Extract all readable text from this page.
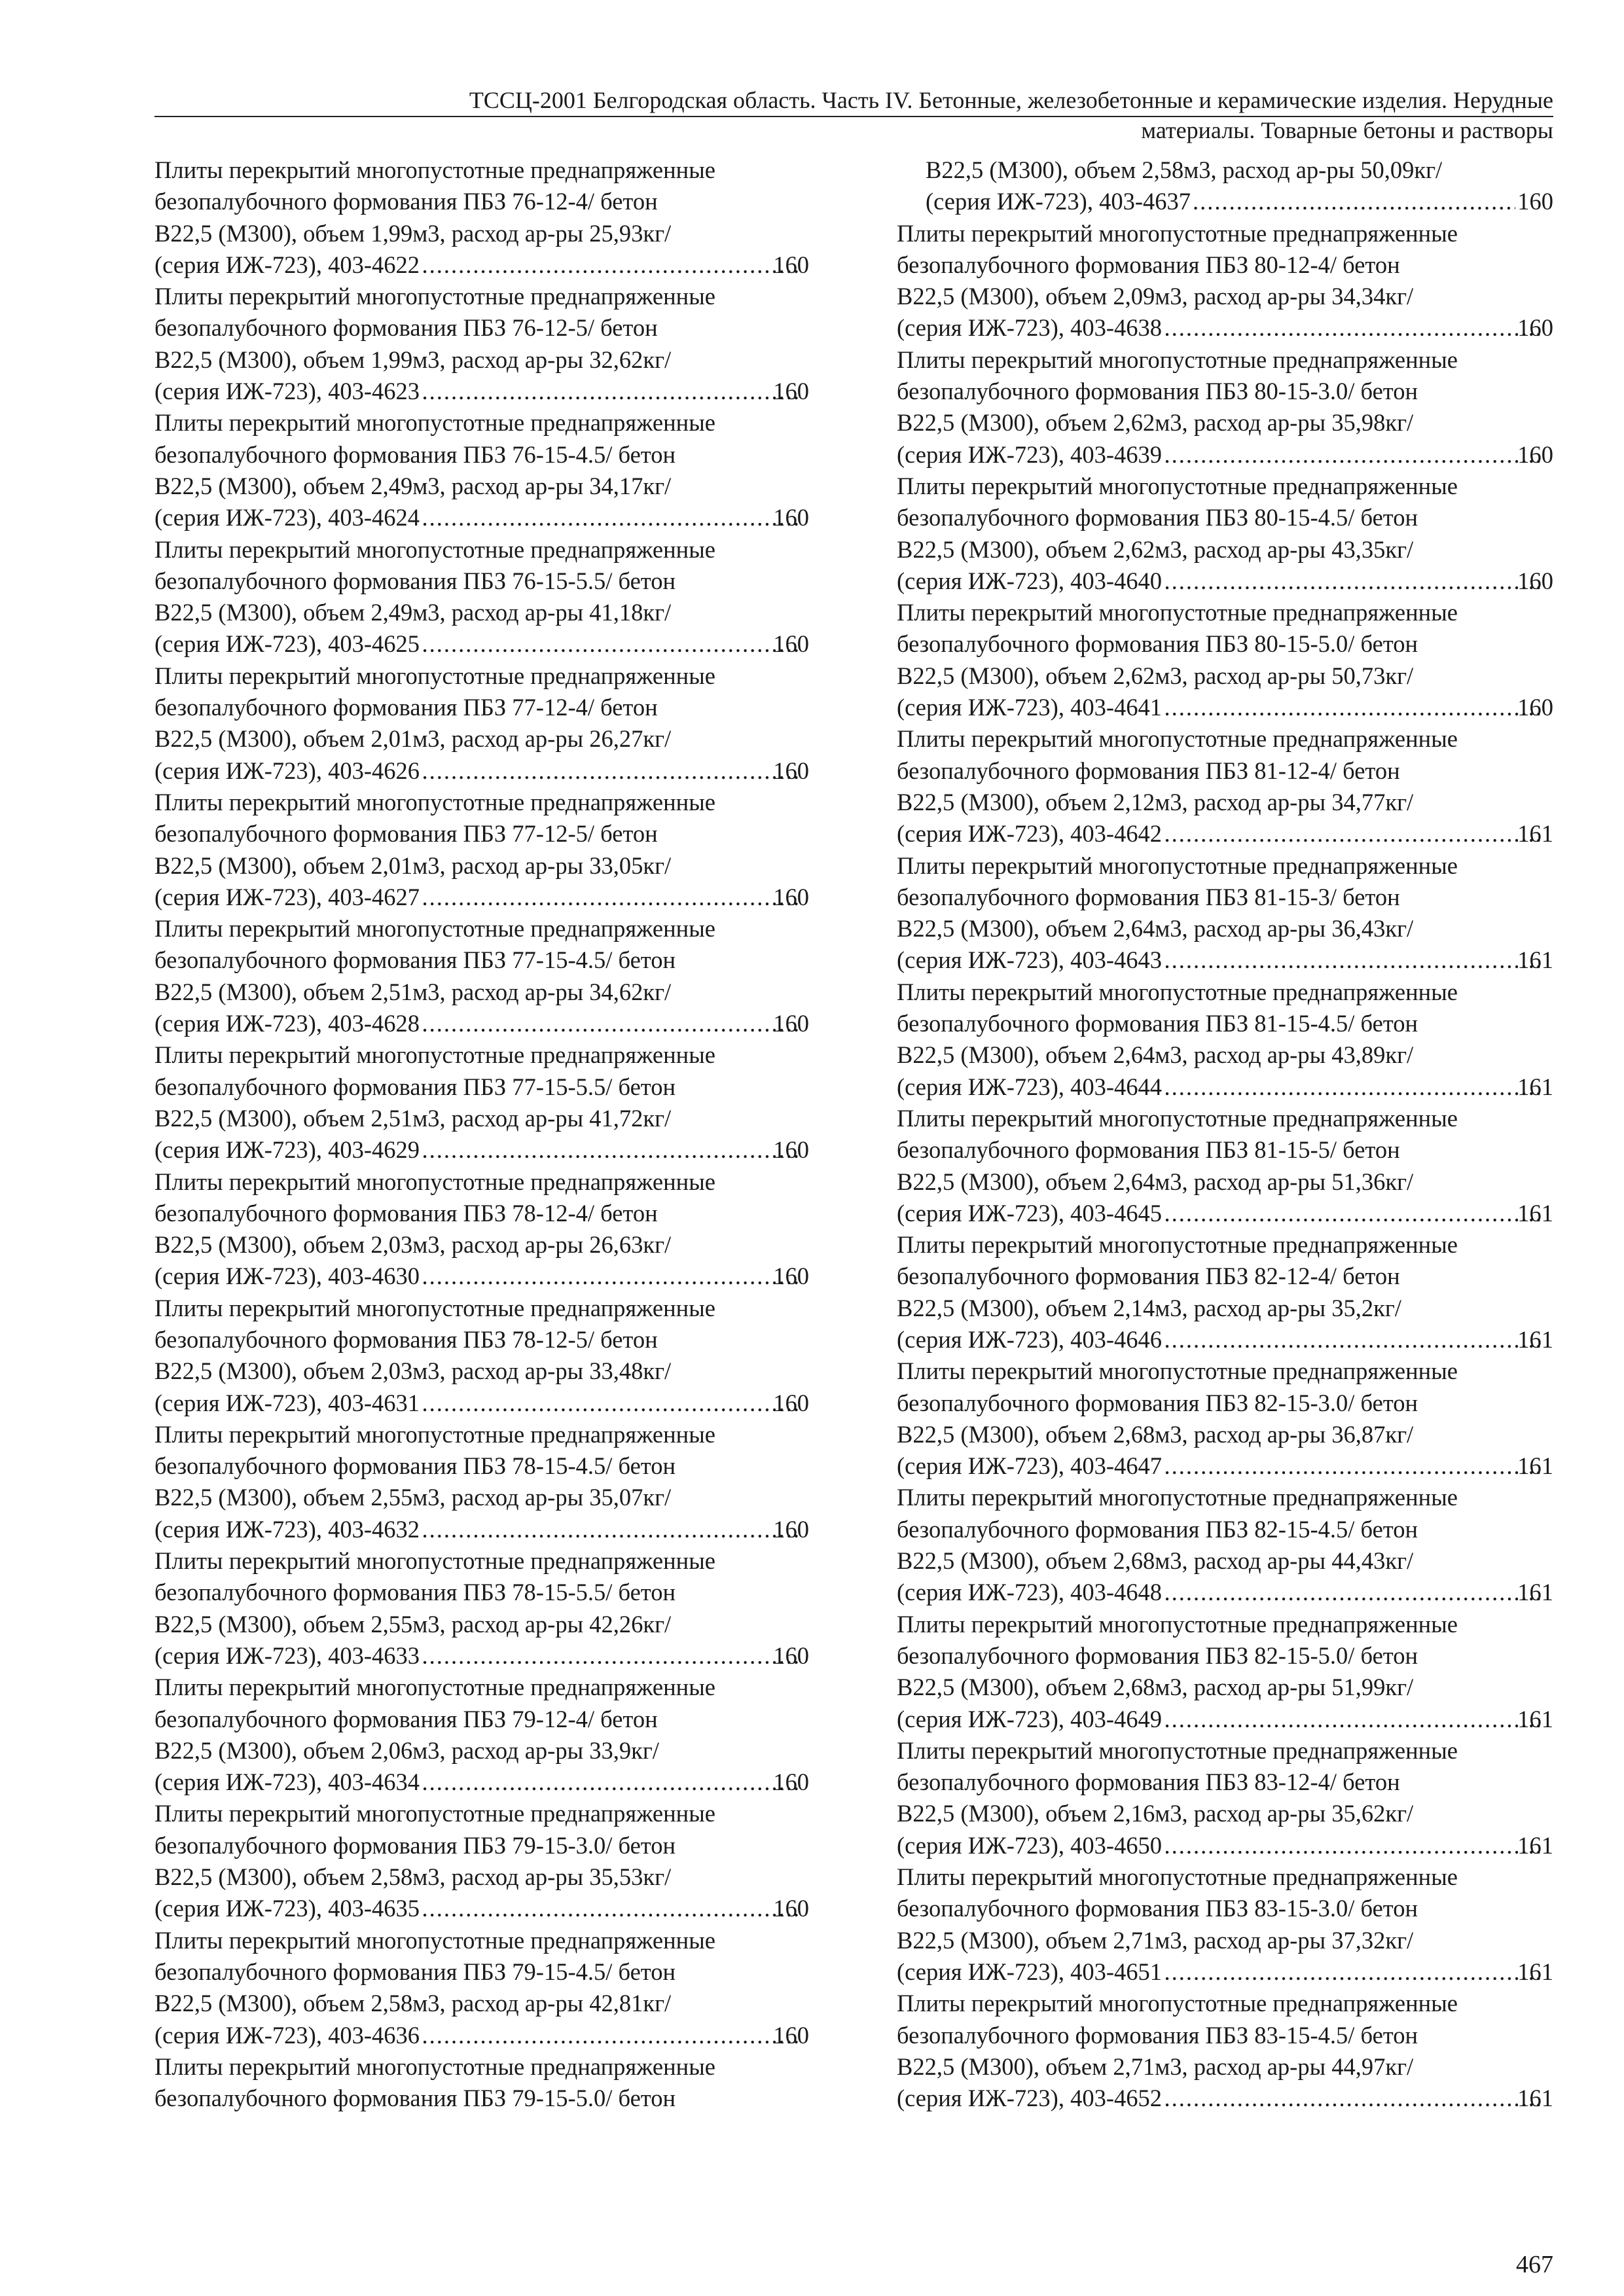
ТССЦ-2001 Белгородская область. Часть IV. Бетонные, железобетонные и керамические изделия. Нерудные
материалы. Товарные бетоны и растворы
Плиты перекрытий многопустотные преднапряженные
безопалубочного формования ПБЗ 76-12-4/ бетон
В22,5 (М300), объем 1,99м3, расход ар-ры 25,93кг/
(серия ИЖ-723), 403-4622 .....	160
Плиты перекрытий многопустотные преднапряженные
безопалубочного формования ПБЗ 76-12-5/ бетон
В22,5 (М300), объем 1,99м3, расход ар-ры 32,62кг/
(серия ИЖ-723), 403-4623 .....	160
Плиты перекрытий многопустотные преднапряженные
безопалубочного формования ПБЗ 76-15-4.5/ бетон
В22,5 (М300), объем 2,49м3, расход ар-ры 34,17кг/
(серия ИЖ-723), 403-4624 .....	160
Плиты перекрытий многопустотные преднапряженные
безопалубочного формования ПБЗ 76-15-5.5/ бетон
В22,5 (М300), объем 2,49м3, расход ар-ры 41,18кг/
(серия ИЖ-723), 403-4625 .....	160
Плиты перекрытий многопустотные преднапряженные
безопалубочного формования ПБЗ 77-12-4/ бетон
В22,5 (М300), объем 2,01м3, расход ар-ры 26,27кг/
(серия ИЖ-723), 403-4626 .....	160
Плиты перекрытий многопустотные преднапряженные
безопалубочного формования ПБЗ 77-12-5/ бетон
В22,5 (М300), объем 2,01м3, расход ар-ры 33,05кг/
(серия ИЖ-723), 403-4627 .....	160
Плиты перекрытий многопустотные преднапряженные
безопалубочного формования ПБЗ 77-15-4.5/ бетон
В22,5 (М300), объем 2,51м3, расход ар-ры 34,62кг/
(серия ИЖ-723), 403-4628 .....	160
Плиты перекрытий многопустотные преднапряженные
безопалубочного формования ПБЗ 77-15-5.5/ бетон
В22,5 (М300), объем 2,51м3, расход ар-ры 41,72кг/
(серия ИЖ-723), 403-4629 .....	160
Плиты перекрытий многопустотные преднапряженные
безопалубочного формования ПБЗ 78-12-4/ бетон
В22,5 (М300), объем 2,03м3, расход ар-ры 26,63кг/
(серия ИЖ-723), 403-4630 .....	160
Плиты перекрытий многопустотные преднапряженные
безопалубочного формования ПБЗ 78-12-5/ бетон
В22,5 (М300), объем 2,03м3, расход ар-ры 33,48кг/
(серия ИЖ-723), 403-4631 .....	160
Плиты перекрытий многопустотные преднапряженные
безопалубочного формования ПБЗ 78-15-4.5/ бетон
В22,5 (М300), объем 2,55м3, расход ар-ры 35,07кг/
(серия ИЖ-723), 403-4632 .....	160
Плиты перекрытий многопустотные преднапряженные
безопалубочного формования ПБЗ 78-15-5.5/ бетон
В22,5 (М300), объем 2,55м3, расход ар-ры 42,26кг/
(серия ИЖ-723), 403-4633 .....	160
Плиты перекрытий многопустотные преднапряженные
безопалубочного формования ПБЗ 79-12-4/ бетон
В22,5 (М300), объем 2,06м3, расход ар-ры 33,9кг/
(серия ИЖ-723), 403-4634 .....	160
Плиты перекрытий многопустотные преднапряженные
безопалубочного формования ПБЗ 79-15-3.0/ бетон
В22,5 (М300), объем 2,58м3, расход ар-ры 35,53кг/
(серия ИЖ-723), 403-4635 .....	160
Плиты перекрытий многопустотные преднапряженные
безопалубочного формования ПБЗ 79-15-4.5/ бетон
В22,5 (М300), объем 2,58м3, расход ар-ры 42,81кг/
(серия ИЖ-723), 403-4636 .....	160
Плиты перекрытий многопустотные преднапряженные
безопалубочного формования ПБЗ 79-15-5.0/ бетон
В22,5 (М300), объем 2,58м3, расход ар-ры 50,09кг/
(серия ИЖ-723), 403-4637 .....	160
Плиты перекрытий многопустотные преднапряженные
безопалубочного формования ПБЗ 80-12-4/ бетон
В22,5 (М300), объем 2,09м3, расход ар-ры 34,34кг/
(серия ИЖ-723), 403-4638 .....	160
Плиты перекрытий многопустотные преднапряженные
безопалубочного формования ПБЗ 80-15-3.0/ бетон
В22,5 (М300), объем 2,62м3, расход ар-ры 35,98кг/
(серия ИЖ-723), 403-4639 .....	160
Плиты перекрытий многопустотные преднапряженные
безопалубочного формования ПБЗ 80-15-4.5/ бетон
В22,5 (М300), объем 2,62м3, расход ар-ры 43,35кг/
(серия ИЖ-723), 403-4640 .....	160
Плиты перекрытий многопустотные преднапряженные
безопалубочного формования ПБЗ 80-15-5.0/ бетон
В22,5 (М300), объем 2,62м3, расход ар-ры 50,73кг/
(серия ИЖ-723), 403-4641 .....	160
Плиты перекрытий многопустотные преднапряженные
безопалубочного формования ПБЗ 81-12-4/ бетон
В22,5 (М300), объем 2,12м3, расход ар-ры 34,77кг/
(серия ИЖ-723), 403-4642 .....	161
Плиты перекрытий многопустотные преднапряженные
безопалубочного формования ПБЗ 81-15-3/ бетон
В22,5 (М300), объем 2,64м3, расход ар-ры 36,43кг/
(серия ИЖ-723), 403-4643 .....	161
Плиты перекрытий многопустотные преднапряженные
безопалубочного формования ПБЗ 81-15-4.5/ бетон
В22,5 (М300), объем 2,64м3, расход ар-ры 43,89кг/
(серия ИЖ-723), 403-4644 .....	161
Плиты перекрытий многопустотные преднапряженные
безопалубочного формования ПБЗ 81-15-5/ бетон
В22,5 (М300), объем 2,64м3, расход ар-ры 51,36кг/
(серия ИЖ-723), 403-4645 .....	161
Плиты перекрытий многопустотные преднапряженные
безопалубочного формования ПБЗ 82-12-4/ бетон
В22,5 (М300), объем 2,14м3, расход ар-ры 35,2кг/
(серия ИЖ-723), 403-4646 .....	161
Плиты перекрытий многопустотные преднапряженные
безопалубочного формования ПБЗ 82-15-3.0/ бетон
В22,5 (М300), объем 2,68м3, расход ар-ры 36,87кг/
(серия ИЖ-723), 403-4647 .....	161
Плиты перекрытий многопустотные преднапряженные
безопалубочного формования ПБЗ 82-15-4.5/ бетон
В22,5 (М300), объем 2,68м3, расход ар-ры 44,43кг/
(серия ИЖ-723), 403-4648 .....	161
Плиты перекрытий многопустотные преднапряженные
безопалубочного формования ПБЗ 82-15-5.0/ бетон
В22,5 (М300), объем 2,68м3, расход ар-ры 51,99кг/
(серия ИЖ-723), 403-4649 .....	161
Плиты перекрытий многопустотные преднапряженные
безопалубочного формования ПБЗ 83-12-4/ бетон
В22,5 (М300), объем 2,16м3, расход ар-ры 35,62кг/
(серия ИЖ-723), 403-4650 .....	161
Плиты перекрытий многопустотные преднапряженные
безопалубочного формования ПБЗ 83-15-3.0/ бетон
В22,5 (М300), объем 2,71м3, расход ар-ры 37,32кг/
(серия ИЖ-723), 403-4651 .....	161
Плиты перекрытий многопустотные преднапряженные
безопалубочного формования ПБЗ 83-15-4.5/ бетон
В22,5 (М300), объем 2,71м3, расход ар-ры 44,97кг/
(серия ИЖ-723), 403-4652 .....	161
467
